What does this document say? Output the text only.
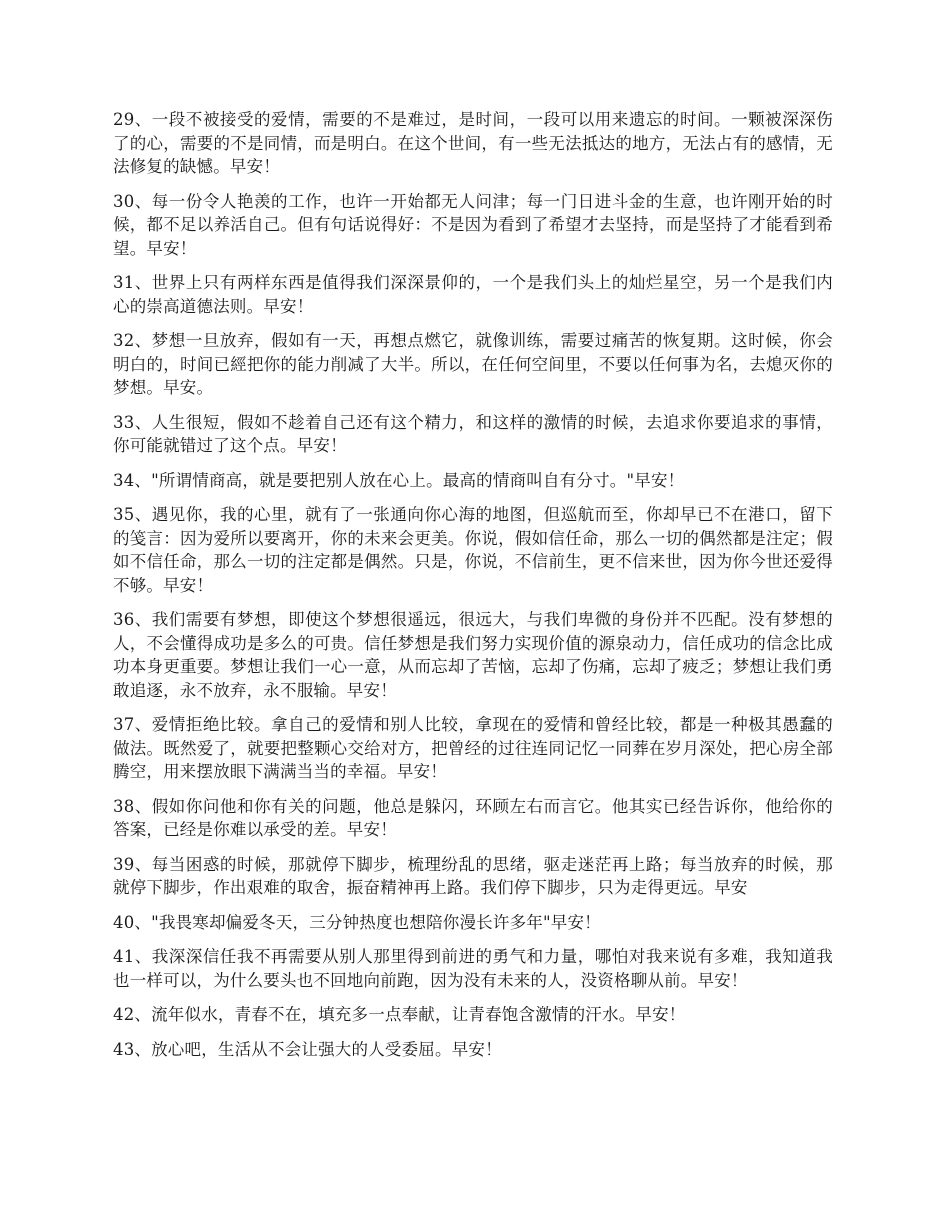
29、一段不被接受的爱情，需要的不是难过，是时间，一段可以用来遗忘的时间。一颗被深深伤了的心，需要的不是同情，而是明白。在这个世间，有一些无法抵达的地方，无法占有的感情，无法修复的缺憾。早安！

30、每一份令人艳羡的工作，也许一开始都无人问津；每一门日进斗金的生意，也许刚开始的时候，都不足以养活自己。但有句话说得好：不是因为看到了希望才去坚持，而是坚持了才能看到希望。早安！

31、世界上只有两样东西是值得我们深深景仰的，一个是我们头上的灿烂星空，另一个是我们内心的崇高道德法则。早安！

32、梦想一旦放弃，假如有一天，再想点燃它，就像训练，需要过痛苦的恢复期。这时候，你会明白的，时间已經把你的能力削减了大半。所以，在任何空间里，不要以任何事为名，去熄灭你的梦想。早安。

33、人生很短，假如不趁着自己还有这个精力，和这样的激情的时候，去追求你要追求的事情，你可能就错过了这个点。早安！

34、"所谓情商高，就是要把别人放在心上。最高的情商叫自有分寸。"早安！

35、遇见你，我的心里，就有了一张通向你心海的地图，但巡航而至，你却早已不在港口，留下的笺言：因为爱所以要离开，你的未来会更美。你说，假如信任命，那么一切的偶然都是注定；假如不信任命，那么一切的注定都是偶然。只是，你说，不信前生，更不信来世，因为你今世还爱得不够。早安！

36、我们需要有梦想，即使这个梦想很遥远，很远大，与我们卑微的身份并不匹配。没有梦想的人，不会懂得成功是多么的可贵。信任梦想是我们努力实现价值的源泉动力，信任成功的信念比成功本身更重要。梦想让我们一心一意，从而忘却了苦恼，忘却了伤痛，忘却了疲乏；梦想让我们勇敢追逐，永不放弃，永不服输。早安！

37、爱情拒绝比较。拿自己的爱情和别人比较，拿现在的爱情和曾经比较，都是一种极其愚蠢的做法。既然爱了，就要把整颗心交给对方，把曾经的过往连同记忆一同葬在岁月深处，把心房全部腾空，用来摆放眼下满满当当的幸福。早安！

38、假如你问他和你有关的问题，他总是躲闪，环顾左右而言它。他其实已经告诉你，他给你的答案，已经是你难以承受的差。早安！

39、每当困惑的时候，那就停下脚步，梳理纷乱的思绪，驱走迷茫再上路；每当放弃的时候，那就停下脚步，作出艰难的取舍，振奋精神再上路。我们停下脚步，只为走得更远。早安

40、"我畏寒却偏爱冬天，三分钟热度也想陪你漫长许多年"早安！

41、我深深信任我不再需要从别人那里得到前进的勇气和力量，哪怕对我来说有多难，我知道我也一样可以，为什么要头也不回地向前跑，因为没有未来的人，没资格聊从前。早安！

42、流年似水，青春不在，填充多一点奉献，让青春饱含激情的汗水。早安！

43、放心吧，生活从不会让强大的人受委屈。早安！
